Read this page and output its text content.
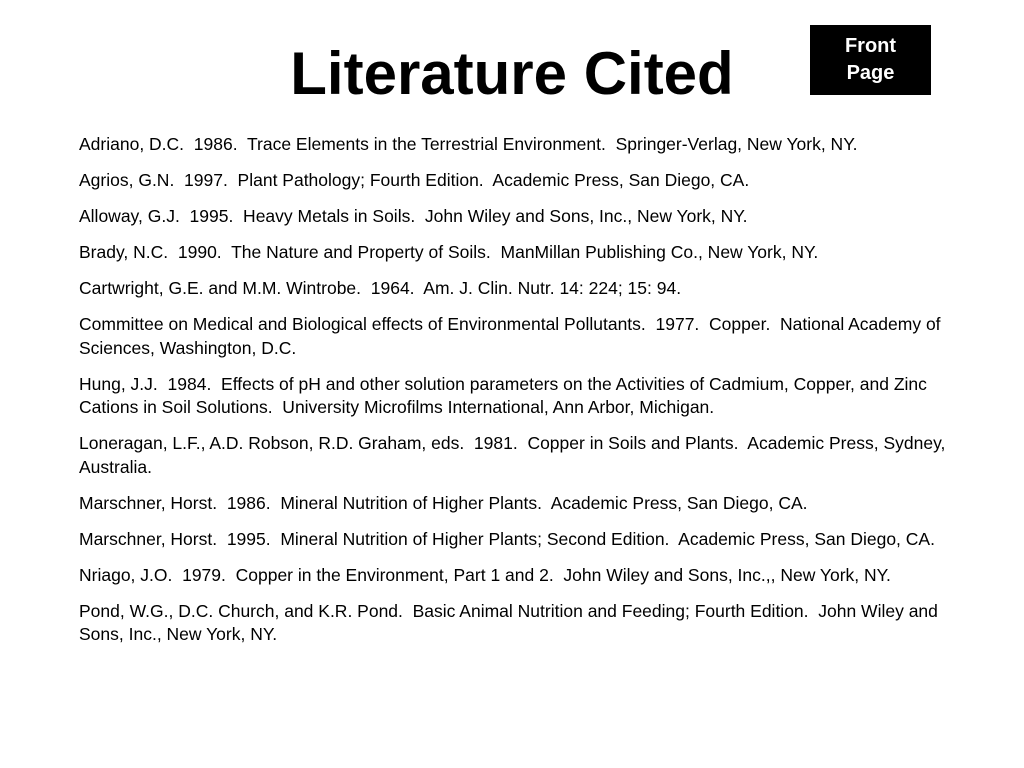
Literature Cited	Front
Page
Adriano, D.C.  1986.  Trace Elements in the Terrestrial Environment.  Springer-Verlag, New York, NY.
Agrios, G.N.  1997.  Plant Pathology; Fourth Edition.  Academic Press, San Diego, CA.
Alloway, G.J.  1995.  Heavy Metals in Soils.  John Wiley and Sons, Inc., New York, NY.
Brady, N.C.  1990.  The Nature and Property of Soils.  ManMillan Publishing Co., New York, NY.
Cartwright, G.E. and M.M. Wintrobe.  1964.  Am. J. Clin. Nutr. 14: 224; 15: 94.
Committee on Medical and Biological effects of Environmental Pollutants.  1977.  Copper.  National Academy of Sciences, Washington, D.C.
Hung, J.J.  1984.  Effects of pH and other solution parameters on the Activities of Cadmium, Copper, and Zinc Cations in Soil Solutions.  University Microfilms International, Ann Arbor, Michigan.
Loneragan, L.F., A.D. Robson, R.D. Graham, eds.  1981.  Copper in Soils and Plants.  Academic Press, Sydney, Australia.
Marschner, Horst.  1986.  Mineral Nutrition of Higher Plants.  Academic Press, San Diego, CA.
Marschner, Horst.  1995.  Mineral Nutrition of Higher Plants; Second Edition.  Academic Press, San Diego, CA.
Nriago, J.O.  1979.  Copper in the Environment, Part 1 and 2.  John Wiley and Sons, Inc.,, New York, NY.
Pond, W.G., D.C. Church, and K.R. Pond.  Basic Animal Nutrition and Feeding; Fourth Edition.  John Wiley and Sons, Inc., New York, NY.
